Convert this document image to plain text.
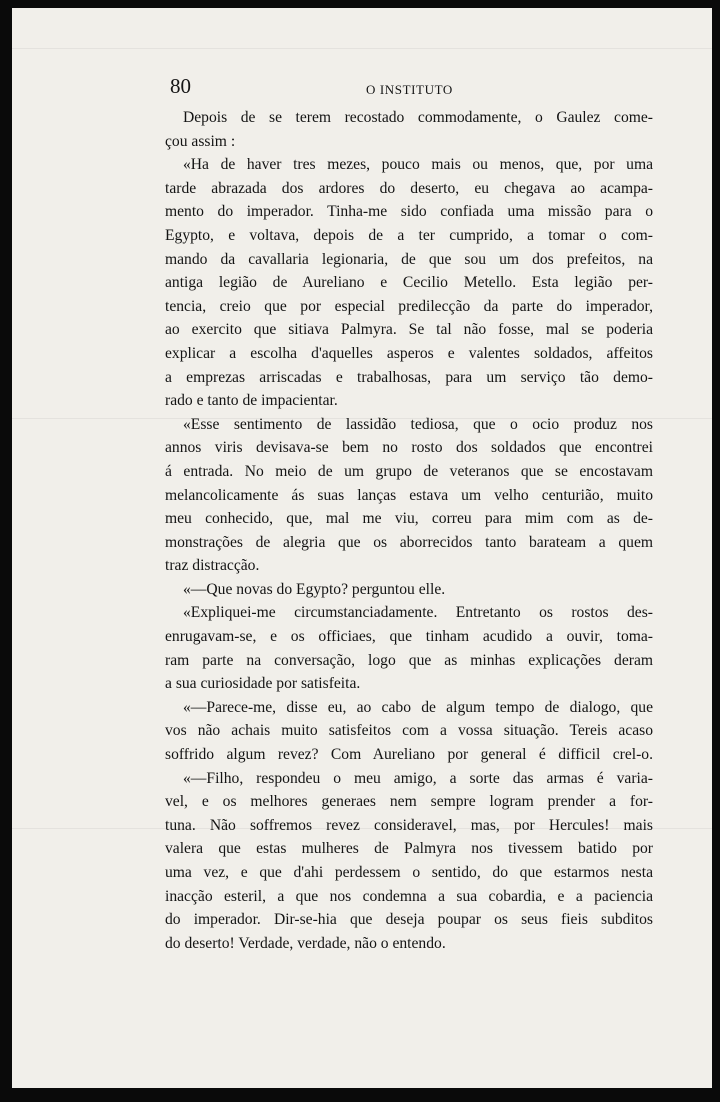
80	O INSTITUTO
Depois de se terem recostado commodamente, o Gaulez come-
çou assim :
«Ha de haver tres mezes, pouco mais ou menos, que, por uma
tarde abrazada dos ardores do deserto, eu chegava ao acampa-
mento do imperador. Tinha-me sido confiada uma missão para o
Egypto, e voltava, depois de a ter cumprido, a tomar o com-
mando da cavallaria legionaria, de que sou um dos prefeitos, na
antiga legião de Aureliano e Cecilio Metello. Esta legião per-
tencia, creio que por especial predilecção da parte do imperador,
ao exercito que sitiava Palmyra. Se tal não fosse, mal se poderia
explicar a escolha d'aquelles asperos e valentes soldados, affeitos
a emprezas arriscadas e trabalhosas, para um serviço tão demo-
rado e tanto de impacientar.
«Esse sentimento de lassidão tediosa, que o ocio produz nos
annos viris devisava-se bem no rosto dos soldados que encontrei
á entrada. No meio de um grupo de veteranos que se encostavam
melancolicamente ás suas lanças estava um velho centurião, muito
meu conhecido, que, mal me viu, correu para mim com as de-
monstrações de alegria que os aborrecidos tanto barateam a quem
traz distracção.
«—Que novas do Egypto? perguntou elle.
«Expliquei-me circumstanciadamente. Entretanto os rostos des-
enrugavam-se, e os officiaes, que tinham acudido a ouvir, toma-
ram parte na conversação, logo que as minhas explicações deram
a sua curiosidade por satisfeita.
«—Parece-me, disse eu, ao cabo de algum tempo de dialogo, que
vos não achais muito satisfeitos com a vossa situação. Tereis acaso
soffrido algum revez? Com Aureliano por general é difficil crel-o.
«—Filho, respondeu o meu amigo, a sorte das armas é varia-
vel, e os melhores generaes nem sempre logram prender a for-
tuna. Não soffremos revez consideravel, mas, por Hercules! mais
valera que estas mulheres de Palmyra nos tivessem batido por
uma vez, e que d'ahi perdessem o sentido, do que estarmos nesta
inacção esteril, a que nos condemna a sua cobardia, e a paciencia
do imperador. Dir-se-hia que deseja poupar os seus fieis subditos
do deserto! Verdade, verdade, não o entendo.
